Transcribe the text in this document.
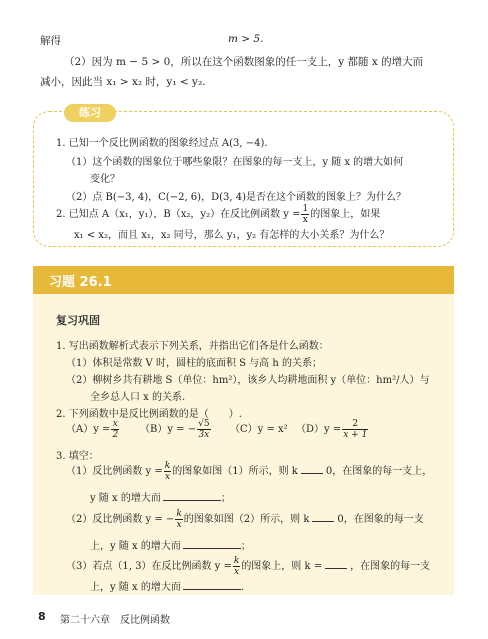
解得	m > 5.
（2）因为 m − 5 > 0，所以在这个函数图象的任一支上，y 都随 x 的增大而
减小，因此当 x₁ > x₂ 时，y₁ < y₂.
练习
1. 已知一个反比例函数的图象经过点 A(3, −4).
（1）这个函数的图象位于哪些象限？在图象的每一支上，y 随 x 的增大如何
变化？
（2）点 B(−3, 4)，C(−2, 6)，D(3, 4)是否在这个函数的图象上？为什么？
2. 已知点 A（x₁，y₁），B（x₂，y₂）在反比例函数 $y = \frac{1}{x}$ 的图象上，如果
x₁ < x₂，而且 x₁，x₂ 同号，那么 y₁，y₂ 有怎样的大小关系？为什么？
习题 26.1
复习巩固
1. 写出函数解析式表示下列关系，并指出它们各是什么函数：
（1）体积是常数 V 时，圆柱的底面积 S 与高 h 的关系；
（2）柳树乡共有耕地 S（单位：hm²），该乡人均耕地面积 y（单位：hm²/人）与
全乡总人口 x 的关系.
2. 下列函数中是反比例函数的是（　　）.
$(A)y = \frac{x}{2} (B)y$ = − $\frac{√5}{3x} (C)y = x^2$ $(D)y = \frac{2}{x + 1}$
3. 填空：
（1）反比例函数 $y = \frac{k}{x}$ 的图象如图（1）所示，则 k	0，在图象的每一支上，
y 随 x 的增大而	；
（2）反比例函数 y = − $\frac{k}{x}$ 的图象如图（2）所示，则 k	0，在图象的每一支
上，y 随 x 的增大而	；
（3）若点（1, 3）在反比例函数 $y = \frac{k}{x}$ 的图象上，则 k =	，在图象的每一支
上，y 随 x 的增大而	.
8 第二十六章　反比例函数
